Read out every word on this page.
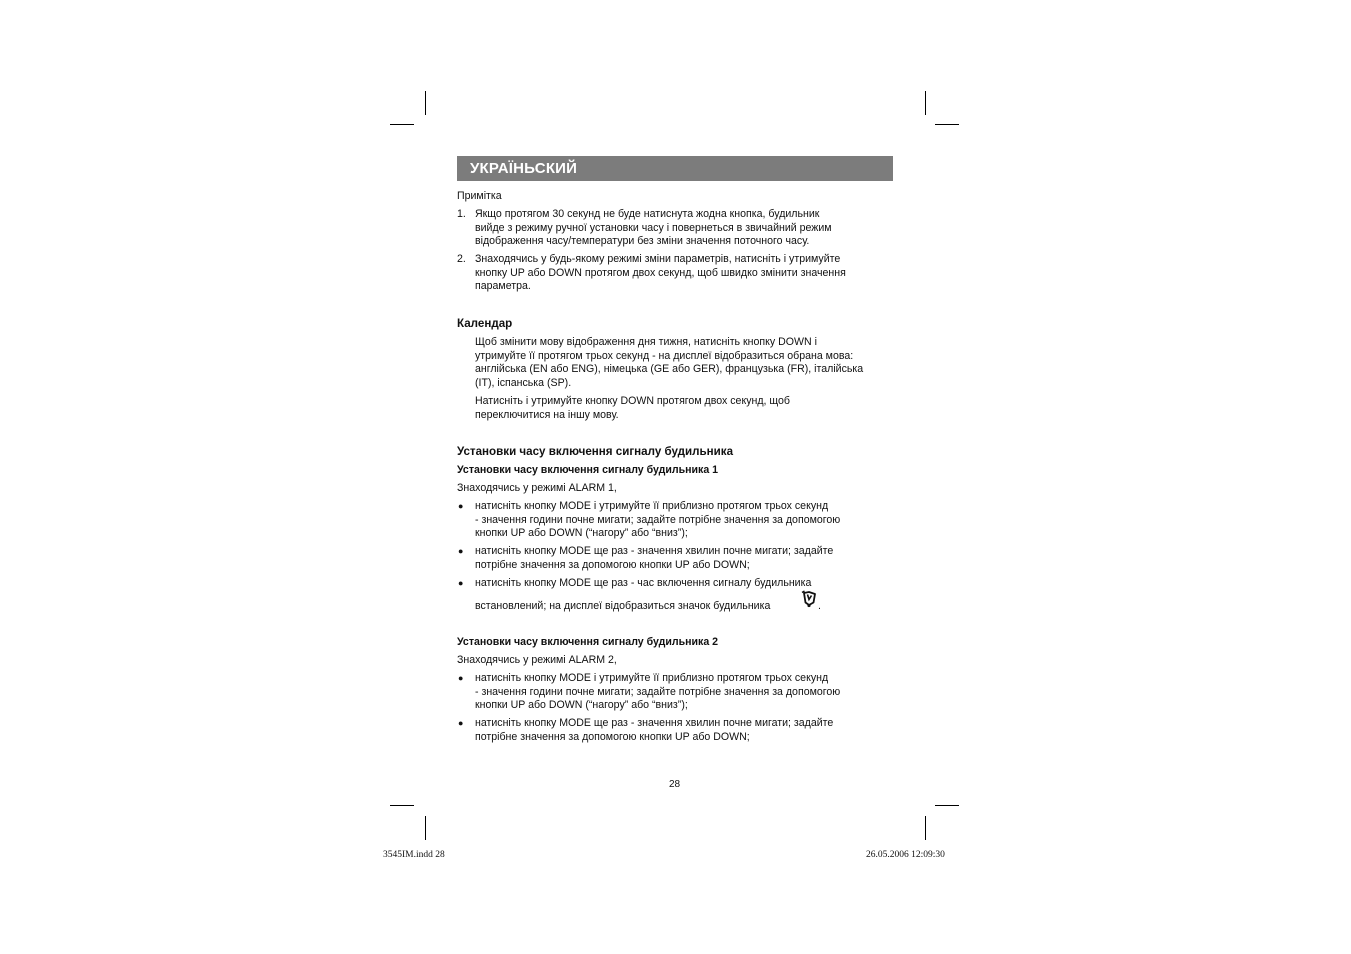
УКРАЇНЬСКИЙ
Примітка
1. Якщо протягом 30 секунд не буде натиснута жодна кнопка, будильник
вийде з режиму ручної установки часу і повернеться в звичайний режим
відображення часу/температури без зміни значення поточного часу.
2. Знаходячись у будь-якому режимі зміни параметрів, натисніть і утримуйте
кнопку UP або DOWN протягом двох секунд, щоб швидко змінити значення
параметра.
Календар
Щоб змінити мову відображення дня тижня, натисніть кнопку DOWN і
утримуйте її протягом трьох секунд - на дисплеї відобразиться обрана мова:
англійська (EN або ENG), німецька (GE або GER), французька (FR), італійська
(IT), іспанська (SP).
Натисніть і утримуйте кнопку DOWN протягом двох секунд, щоб
переключитися на іншу мову.
Установки часу включення сигналу будильника
Установки часу включення сигналу будильника 1
Знаходячись у режимі ALARM 1,
● натисніть кнопку MODE і утримуйте її приблизно протягом трьох секунд
- значення години почне мигати; задайте потрібне значення за допомогою
кнопки UP або DOWN (“нагору” або “вниз”);
● натисніть кнопку MODE ще раз - значення хвилин почне мигати; задайте
потрібне значення за допомогою кнопки UP або DOWN;
● натисніть кнопку MODE ще раз - час включення сигналу будильника
встановлений; на дисплеї відобразиться значок будильника	.
Установки часу включення сигналу будильника 2
Знаходячись у режимі ALARM 2,
● натисніть кнопку MODE і утримуйте її приблизно протягом трьох секунд
- значення години почне мигати; задайте потрібне значення за допомогою
кнопки UP або DOWN (“нагору” або “вниз”);
● натисніть кнопку MODE ще раз - значення хвилин почне мигати; задайте
потрібне значення за допомогою кнопки UP або DOWN;
28
3545IM.indd 28	26.05.2006 12:09:30
